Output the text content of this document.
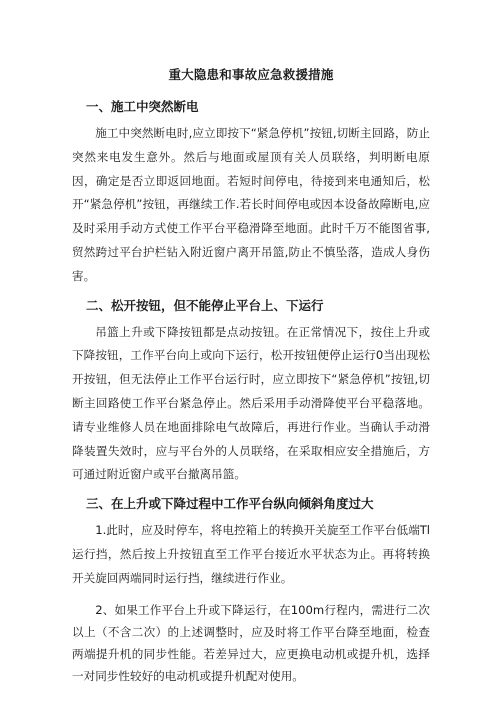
重大隐患和事故应急救援措施
一、施工中突然断电

施工中突然断电时,应立即按下“紧急停机”按钮,切断主回路，防止突然来电发生意外。然后与地面或屋顶有关人员联络，判明断电原因，确定是否立即返回地面。若短时间停电，待接到来电通知后，松开“紧急停机”按钮，再继续工作.若长时间停电或因本设备故障断电,应及时采用手动方式使工作平台平稳滑降至地面。此时千万不能图省事,贸然跨过平台护栏钻入附近窗户离开吊篮,防止不慎坠落，造成人身伤害。

二、松开按钮，但不能停止平台上、下运行

吊篮上升或下降按钮都是点动按钮。在正常情况下，按住上升或下降按钮，工作平台向上或向下运行，松开按钮便停止运行0当出现松开按钮，但无法停止工作平台运行时，应立即按下“紧急停机”按钮,切断主回路使工作平台紧急停止。然后采用手动滑降使平台平稳落地。请专业维修人员在地面排除电气故障后，再进行作业。当确认手动滑降装置失效时，应与平台外的人员联络，在采取相应安全措施后，方可通过附近窗户或平台撤离吊篮。

三、在上升或下降过程中工作平台纵向倾斜角度过大

1.此时，应及时停车，将电控箱上的转换开关旋至工作平台低端Tl运行挡，然后按上升按钮直至工作平台接近水平状态为止。再将转换开关旋回两端同时运行挡，继续进行作业。

2、如果工作平台上升或下降运行，在100m行程内，需进行二次以上（不含二次）的上述调整时，应及时将工作平台降至地面，检查两端提升机的同步性能。若差异过大，应更换电动机或提升机，选择一对同步性较好的电动机或提升机配对使用。
